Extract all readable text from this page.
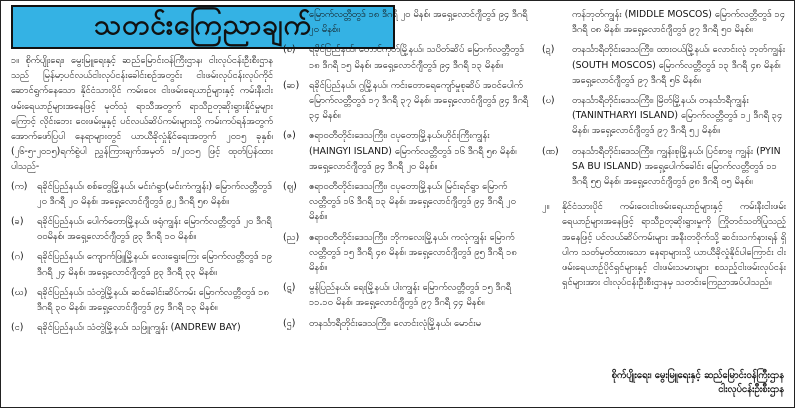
သတင်းကြေညာချက်

၁။ စိုက်ပျိုးရေး၊ မွေးမြူရေးနှင့် ဆည်မြောင်းဝန်ကြီးဌာန၊ ငါးလုပ်ငန်းဦးစီးဌာနသည် မြန်မာ့ပင်လယ်ငါးလုပ်ငန်းခေါင်းစဉ်အတွင်း ငါးဖမ်းလုပ်ငန်းလုပ်ကိုင်ဆောင်ရွက်နေသော နိုင်ငံသားပိုင် ကမ်းဝေး ငါးဖမ်းရေယာဉ်များနှင့် ကမ်းနီးငါးဖမ်းရေယာဉ်များအနေဖြင့် မုတ်သုံ ရာသီအတွက် ရာသီဥတုဆိုးရွားနိုင်မှုများကြောင့် လိုင်းဘေး ဝေးဖမ်းမှုနှင့် ပင်လယ်ဆိပ်ကမ်းများသို့ ကမ်းကပ်ရန်အတွက် အောက်ဖော်ပြပါ နေရာများတွင် ယာယီခိုလှုံနိုင်ရေးအတွက် ၂၀၁၅ ခုနှစ်၊ (၂၆-၅-၂၀၁၅)ရက်စွဲပါ ညွှန်ကြားချက်အမှတ် ၁/၂၀၁၅ ဖြင့် ထုတ်ပြန်ထားပါသည်-

(က)	ရခိုင်ပြည်နယ်၊ စစ်တွေမြို့နယ်၊ မင်းဂံရွာ(မင်းကံကျွန်း) မြောက်လတ္တီတွဒ် ၂၀ ဒီဂရီ ၂၀ မိနစ်၊ အရှေ့လောင်ဂျီတွဒ် ၉၂ ဒီဂရီ ၅၈ မိနစ်။
(ခ)	ရခိုင်ပြည်နယ်၊ ပေါက်တောမြို့နယ်၊ ဖရုံကျွန်း မြောက်လတ္တီတွဒ် ၂၀ ဒီဂရီ ၀၀မိနစ်၊ အရှေ့လောင်ဂျီတွဒ် ၉၃ ဒီဂရီ ၁၀ မိနစ်။
(ဂ)	ရခိုင်ပြည်နယ်၊ ကျောက်ဖြူမြို့နယ်၊ လေးရွေးကြေး မြောက်လတ္တီတွဒ် ၁၉ ဒီဂရီ ၂၄ မိနစ်၊ အရှေ့လောင်ဂျီတွဒ် ၉၃ ဒီဂရီ ၃၃ မိနစ်။
(ဃ)	ရခိုင်ပြည်နယ်၊ သံတွဲမြို့နယ်၊ ဆင်ခေါင်းဆိပ်ကမ်း မြောက်လတ္တီတွဒ် ၁၈ ဒီဂရီ ၃၀ မိနစ်၊ အရှေ့လောင်ဂျီတွဒ် ၉၄ ဒီဂရီ ၁၃ မိနစ်။
(င)	ရခိုင်ပြည်နယ်၊ သံတွဲမြို့နယ်၊ သဖြူကျွန်း (ANDREW BAY)
မြောက်လတ္တီတွဒ် ၁၈ ဒီဂရီ ၂၀ မိနစ်၊ အရှေ့လောင်ဂျီတွဒ် ၉၄ ဒီဂရီ ၂၀ မိနစ်။
(စ)	ရခိုင်ပြည်နယ်၊ တောင်ကုတ်မြို့နယ်၊ သပိတ်ဆိပ် မြောက်လတ္တီတွဒ် ၁၈ ဒီဂရီ ၁၅ မိနစ်၊ အရှေ့လောင်ဂျီတွဒ် ၉၄ ဒီဂရီ ၁၃ မိနစ်။
(ဆ)	ရခိုင်ပြည်နယ်၊ ဂွမြို့နယ်၊ ကင်းတောရေကျော်မှုစုဆိပ် အဝင်ပေါက် မြောက်လတ္တီတွဒ် ၁၇ ဒီဂရီ ၃၇ မိနစ်၊ အရှေ့လောင်ဂျီတွဒ် ၉၄ ဒီဂရီ ၃၄ မိနစ်။
(ဇ)	ဧရာဝတီတိုင်းဒေသကြီး၊ ငပုတောမြို့နယ်၊ဟိုင်းကြီးကျွန်း (HAINGYI ISLAND) မြောက်လတ္တီတွဒ် ၁၆ ဒီဂရီ ၅၈ မိနစ်၊ အရှေ့လောင်ဂျီတွဒ် ၉၄ ဒီဂရီ ၂၀ မိနစ်။
(ဈ)	ဧရာဝတီတိုင်းဒေသကြီး၊ ငပုတောမြို့နယ်၊ မြင်းရင်ရွာ မြောက်လတ္တီတွဒ် ၁၆ ဒီဂရီ ၁၃ မိနစ်၊ အရှေ့လောင်ဂျီတွဒ် ၉၄ ဒီဂရီ ၂၀ မိနစ်။
(ည)	ဧရာဝတီတိုင်းဒေသကြီး၊ ဘိုကလေးမြို့နယ်၊ ကလုံကျွန်း မြောက်လတ္တီတွဒ် ၁၅ ဒီဂရီ ၄၈ မိနစ်၊ အရှေ့လောင်ဂျီတွဒ် ၉၅ ဒီဂရီ ၁၈ မိနစ်။
(ဋ)	မွန်ပြည်နယ်၊ ရေးမြို့နယ်၊ ပါးကျွန်း မြောက်လတ္တီတွဒ် ၁၅ ဒီဂရီ ၁၁.၁၀ မိနစ်၊ အရှေ့လောင်ဂျီတွဒ် ၉၇ ဒီဂရီ ၄၄ မိနစ်။
(ဌ)	တနင်္သာရီတိုင်းဒေသကြီး၊ လောင်းလုံမြို့နယ်၊ မောင်းမ
ကန်ဘုတ်ကျွန်း (MIDDLE MOSCOS) မြောက်လတ္တီတွဒ် ၁၄ ဒီဂရီ ၀၈ မိနစ်၊ အရှေ့လောင်ဂျီတွဒ် ၉၇ ဒီဂရီ ၅၀ မိနစ်။
(ဍ)	တနင်္သာရီတိုင်းဒေသကြီး၊ ထားဝယ်မြို့နယ်၊ လောင်းလုံ ဘုတ်ကျွန်း (SOUTH MOSCOS) မြောက်လတ္တီတွဒ် ၁၃ ဒီဂရီ ၄၈ မိနစ်၊ အရှေ့လောင်ဂျီတွဒ် ၉၇ ဒီဂရီ ၅၆ မိနစ်။
(ဎ)	တနင်္သာရီတိုင်းဒေသကြီး၊ မြိတ်မြို့နယ်၊ တနင်္သာရီကျွန်း (TANINTHARYI ISLAND) မြောက်လတ္တီတွဒ် ၁၂ ဒီဂရီ ၃၄ မိနစ်၊ အရှေ့လောင်ဂျီတွဒ် ၉၇ ဒီဂရီ ၅၂ မိနစ်။
(ဏ)	တနင်္သာရီတိုင်းဒေသကြီး၊ ကျွန်းစုမြို့နယ်၊ ပြင်စာဗူ ကျွန်း (PYIN SA BU ISLAND) အရှေ့ပေါက်ခေါင်း မြောက်လတ္တီတွဒ် ၁၁ ဒီဂရီ ၅၅ မိနစ်၊ အရှေ့လောင်ဂျီတွဒ် ၉၈ ဒီဂရီ ၀၅ မိနစ်။
၂။	နိုင်ငံသားပိုင် ကမ်းဝေးငါးဖမ်းရေယာဉ်များနှင့် ကမ်းနီးငါးဖမ်း ရေယာဉ်များအနေဖြင့် ရာသီဥတုဆိုးရွားမှုကို ကြိုတင်သတိပြုသည့်အနေဖြင့် ပင်လယ်ဆိပ်ကမ်းများ အနီးတဝိုက်သို့ ဆင်းသက်နားရန် ရှိပါက သတ်မှတ်ထားသော နေရာများသို့ ယာယီခိုလှုံနိုင်ပါကြောင်း ငါးဖမ်းရေယာဉ်ပိုင်ရှင်များနှင့် ငါးဖမ်းသမားများ စသည့်ငါးဖမ်းလုပ်ငန်းရှင်များအား ငါးလုပ်ငန်းဦးစီးဌာနမှ သတင်းကြေညာအပ်ပါသည်။
စိုက်ပျိုးရေး၊ မွေးမြူရေးနှင့် ဆည်မြောင်းဝန်ကြီးဌာန
ငါးလုပ်ငန်းဦးစီးဌာန
